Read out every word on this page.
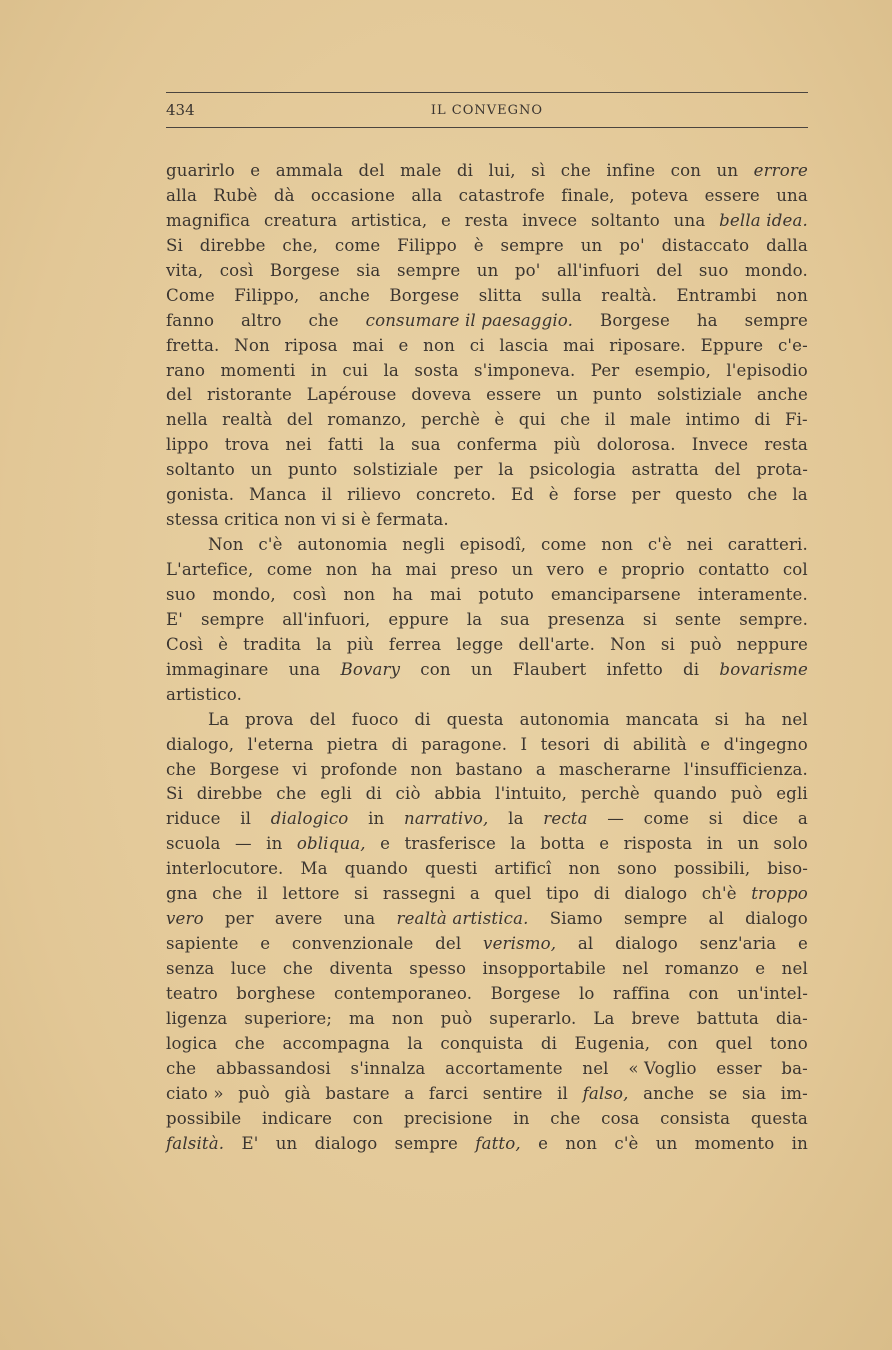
434	IL CONVEGNO
guarirlo e ammala del male di lui, sì che infine con un errore
alla Rubè dà occasione alla catastrofe finale, poteva essere una
magnifica creatura artistica, e resta invece soltanto una bella idea.
Si direbbe che, come Filippo è sempre un po' distaccato dalla
vita, così Borgese sia sempre un po' all'infuori del suo mondo.
Come Filippo, anche Borgese slitta sulla realtà. Entrambi non
fanno altro che consumare il paesaggio. Borgese ha sempre
fretta. Non riposa mai e non ci lascia mai riposare. Eppure c'e-
rano momenti in cui la sosta s'imponeva. Per esempio, l'episodio
del ristorante Lapérouse doveva essere un punto solstiziale anche
nella realtà del romanzo, perchè è qui che il male intimo di Fi-
lippo trova nei fatti la sua conferma più dolorosa. Invece resta
soltanto un punto solstiziale per la psicologia astratta del prota-
gonista. Manca il rilievo concreto. Ed è forse per questo che la
stessa critica non vi si è fermata.
Non c'è autonomia negli episodî, come non c'è nei caratteri.
L'artefice, come non ha mai preso un vero e proprio contatto col
suo mondo, così non ha mai potuto emanciparsene interamente.
E' sempre all'infuori, eppure la sua presenza si sente sempre.
Così è tradita la più ferrea legge dell'arte. Non si può neppure
immaginare una Bovary con un Flaubert infetto di bovarisme
artistico.
La prova del fuoco di questa autonomia mancata si ha nel
dialogo, l'eterna pietra di paragone. I tesori di abilità e d'ingegno
che Borgese vi profonde non bastano a mascherarne l'insufficienza.
Si direbbe che egli di ciò abbia l'intuito, perchè quando può egli
riduce il dialogico in narrativo, la recta — come si dice a
scuola — in obliqua, e trasferisce la botta e risposta in un solo
interlocutore. Ma quando questi artificî non sono possibili, biso-
gna che il lettore si rassegni a quel tipo di dialogo ch'è troppo
vero per avere una realtà artistica. Siamo sempre al dialogo
sapiente e convenzionale del verismo, al dialogo senz'aria e
senza luce che diventa spesso insopportabile nel romanzo e nel
teatro borghese contemporaneo. Borgese lo raffina con un'intel-
ligenza superiore; ma non può superarlo. La breve battuta dia-
logica che accompagna la conquista di Eugenia, con quel tono
che abbassandosi s'innalza accortamente nel « Voglio esser ba-
ciato » può già bastare a farci sentire il falso, anche se sia im-
possibile indicare con precisione in che cosa consista questa
falsità. E' un dialogo sempre fatto, e non c'è un momento in
